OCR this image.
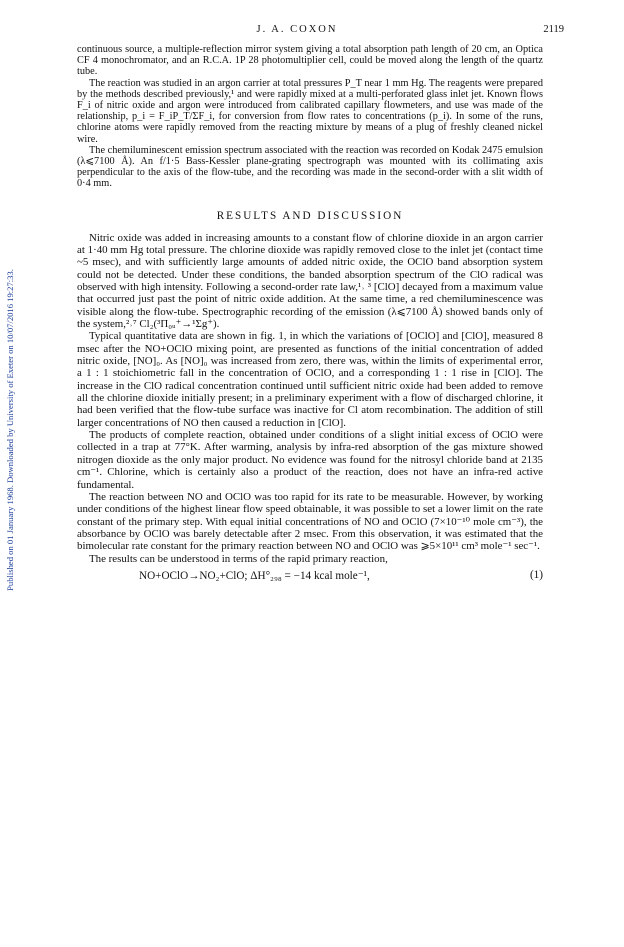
Published on 01 January 1968. Downloaded by University of Exeter on 10/07/2016 19:27:33.
J. A. COXON	2119

continuous source, a multiple-reflection mirror system giving a total absorption path length of 20 cm, an Optica CF 4 monochromator, and an R.C.A. 1P 28 photomultiplier cell, could be moved along the length of the quartz tube.

The reaction was studied in an argon carrier at total pressures P_T near 1 mm Hg. The reagents were prepared by the methods described previously,¹ and were rapidly mixed at a multi-perforated glass inlet jet. Known flows F_i of nitric oxide and argon were introduced from calibrated capillary flowmeters, and use was made of the relationship, p_i = F_iP_T/ΣF_i, for conversion from flow rates to concentrations (p_i). In some of the runs, chlorine atoms were rapidly removed from the reacting mixture by means of a plug of freshly cleaned nickel wire.

The chemiluminescent emission spectrum associated with the reaction was recorded on Kodak 2475 emulsion (λ⩽7100 Å). An f/1·5 Bass-Kessler plane-grating spectrograph was mounted with its collimating axis perpendicular to the axis of the flow-tube, and the recording was made in the second-order with a slit width of 0·4 mm.

RESULTS AND DISCUSSION

Nitric oxide was added in increasing amounts to a constant flow of chlorine dioxide in an argon carrier at 1·40 mm Hg total pressure. The chlorine dioxide was rapidly removed close to the inlet jet (contact time ~5 msec), and with sufficiently large amounts of added nitric oxide, the OClO band absorption system could not be detected. Under these conditions, the banded absorption spectrum of the ClO radical was observed with high intensity. Following a second-order rate law,¹˒ ³ [ClO] decayed from a maximum value that occurred just past the point of nitric oxide addition. At the same time, a red chemiluminescence was visible along the flow-tube. Spectrographic recording of the emission (λ⩽7100 Å) showed bands only of the system,²˒⁷ Cl₂(³Π₀ᵤ⁺→¹Σg⁺).

Typical quantitative data are shown in fig. 1, in which the variations of [OClO] and [ClO], measured 8 msec after the NO+OClO mixing point, are presented as functions of the initial concentration of added nitric oxide, [NO]₀. As [NO]₀ was increased from zero, there was, within the limits of experimental error, a 1 : 1 stoichiometric fall in the concentration of OClO, and a corresponding 1 : 1 rise in [ClO]. The increase in the ClO radical concentration continued until sufficient nitric oxide had been added to remove all the chlorine dioxide initially present; in a preliminary experiment with a flow of discharged chlorine, it had been verified that the flow-tube surface was inactive for Cl atom recombination. The addition of still larger concentrations of NO then caused a reduction in [ClO].

The products of complete reaction, obtained under conditions of a slight initial excess of OClO were collected in a trap at 77°K. After warming, analysis by infra-red absorption of the gas mixture showed nitrogen dioxide as the only major product. No evidence was found for the nitrosyl chloride band at 2135 cm⁻¹. Chlorine, which is certainly also a product of the reaction, does not have an infra-red active fundamental.

The reaction between NO and OClO was too rapid for its rate to be measurable. However, by working under conditions of the highest linear flow speed obtainable, it was possible to set a lower limit on the rate constant of the primary step. With equal initial concentrations of NO and OClO (7×10⁻¹⁰ mole cm⁻³), the absorbance by OClO was barely detectable after 2 msec. From this observation, it was estimated that the bimolecular rate constant for the primary reaction between NO and OClO was ⩾5×10¹¹ cm³ mole⁻¹ sec⁻¹.

The results can be understood in terms of the rapid primary reaction,

NO+OClO→NO₂+ClO; ΔH°₂₉₈ = −14 kcal mole⁻¹,	(1)
